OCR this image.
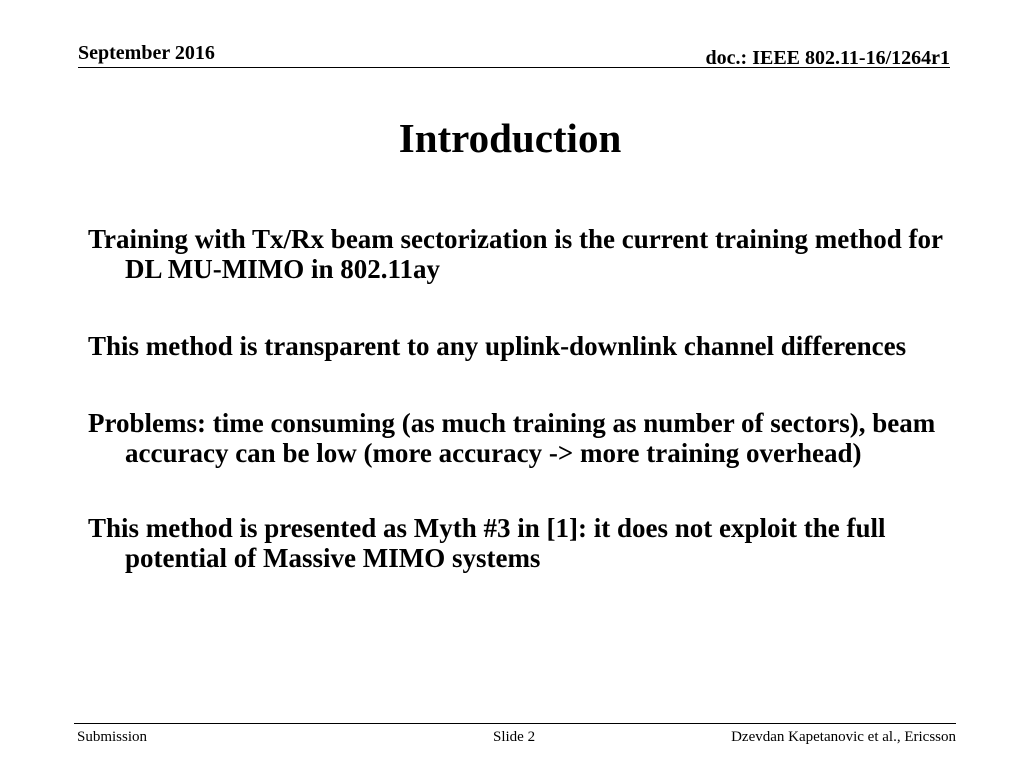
September 2016	doc.: IEEE 802.11-16/1264r1
Introduction
Training with Tx/Rx beam sectorization is the current training method for DL MU-MIMO in 802.11ay
This method is transparent to any uplink-downlink channel differences
Problems: time consuming (as much training as number of sectors), beam accuracy can be low (more accuracy -> more training overhead)
This method is presented as Myth #3 in [1]: it does not exploit the full potential of Massive MIMO systems
Submission	Slide 2	Dzevdan Kapetanovic et al., Ericsson
